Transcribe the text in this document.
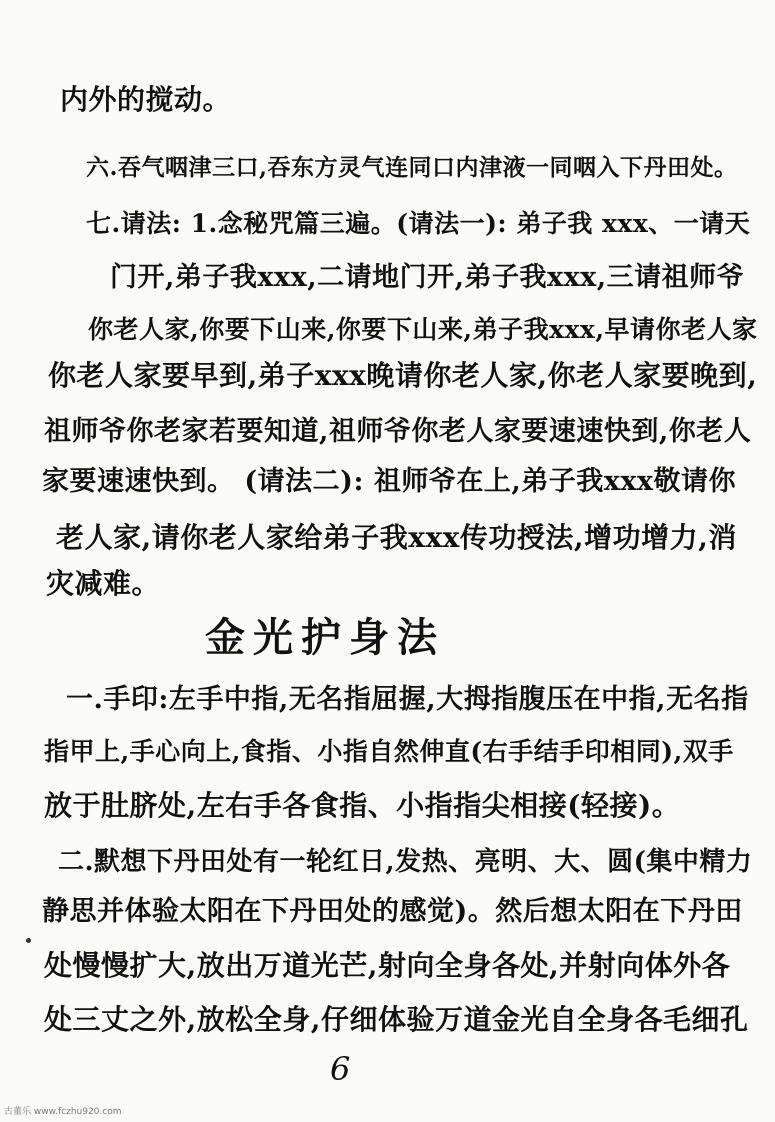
内外的搅动。
六.吞气咽津三口,吞东方灵气连同口内津液一同咽入下丹田处。
七.请法: 1.念秘咒篇三遍。(请法一): 弟子我 xxx、一请天
门开,弟子我xxx,二请地门开,弟子我xxx,三请祖师爷
你老人家,你要下山来,你要下山来,弟子我xxx,早请你老人家
你老人家要早到,弟子xxx晚请你老人家,你老人家要晚到,
祖师爷你老家若要知道,祖师爷你老人家要速速快到,你老人
家要速速快到。 (请法二): 祖师爷在上,弟子我xxx敬请你
老人家,请你老人家给弟子我xxx传功授法,增功增力,消
灾减难。
金光护身法
一.手印:左手中指,无名指屈握,大拇指腹压在中指,无名指
指甲上,手心向上,食指、小指自然伸直(右手结手印相同),双手
放于肚脐处,左右手各食指、小指指尖相接(轻接)。
二.默想下丹田处有一轮红日,发热、亮明、大、圆(集中精力
静思并体验太阳在下丹田处的感觉)。然后想太阳在下丹田
处慢慢扩大,放出万道光芒,射向全身各处,并射向体外各
处三丈之外,放松全身,仔细体验万道金光自全身各毛细孔
6
古董乐 www.fczhu920.com
